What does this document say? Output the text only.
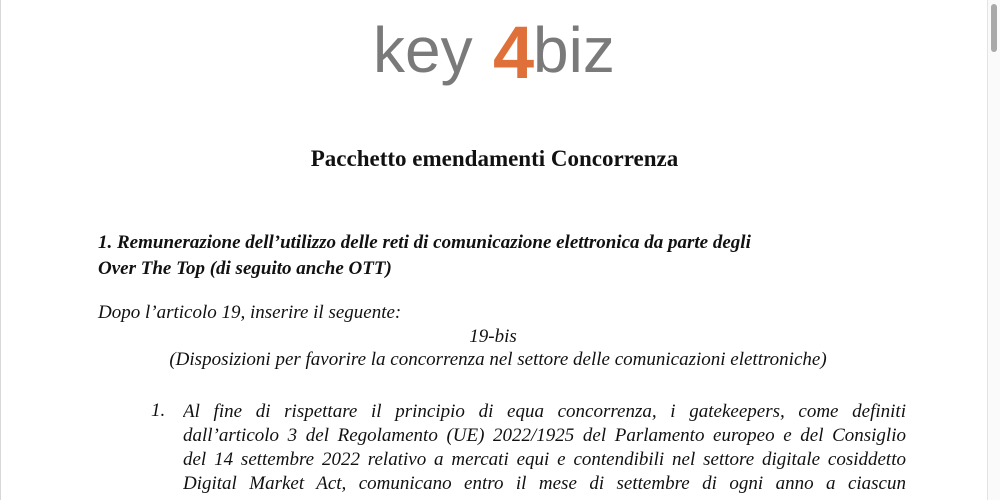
key 4
biz
Pacchetto emendamenti Concorrenza
1. Remunerazione dell’utilizzo delle reti di comunicazione elettronica da parte degli
Over The Top (di seguito anche OTT)
Dopo l’articolo 19, inserire il seguente:
19-bis
(Disposizioni per favorire la concorrenza nel settore delle comunicazioni elettroniche)
1. Al fine di rispettare il principio di equa concorrenza, i gatekeepers, come definiti
dall’articolo 3 del Regolamento (UE) 2022/1925 del Parlamento europeo e del Consiglio
del 14 settembre 2022 relativo a mercati equi e contendibili nel settore digitale cosiddetto
Digital Market Act, comunicano entro il mese di settembre di ogni anno a ciascun
